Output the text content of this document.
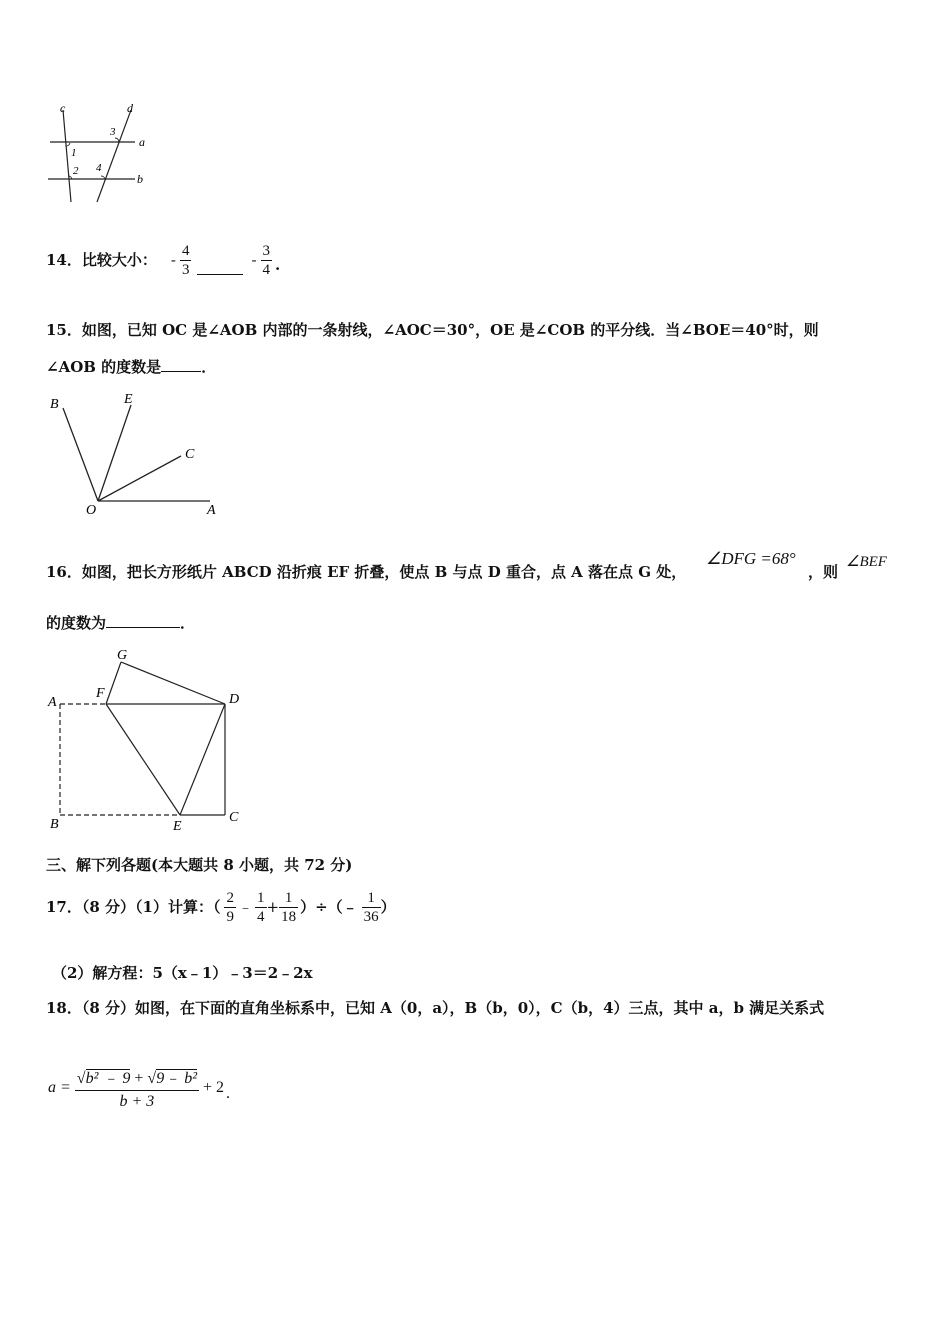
c	d
a
b
1
2
3
4
14． 比较大小： - $\frac{4}{3}$	- $\frac{3}{4}$ .
15．如图，已知 OC 是∠AOB 内部的一条射线，∠AOC＝30°，OE 是∠COB 的平分线．当∠BOE＝40°时，则
∠AOB 的度数是	．
B	E
C
O	A
16．如图，把长方形纸片 ABCD 沿折痕 EF 折叠，使点 B 与点 D 重合，点 A 落在点 G 处，
∠DFG =68°
，则
∠BEF
的度数为	．
G
A
F	D
B	E
C
三、解下列各题(本大题共 8 小题，共 72 分)
17．（8 分）（1）计算：（ $\frac{2}{9}$ ﹣ $\frac{1}{4} + \frac{1}{18}$ ）÷（﹣ $\frac{1}{36}$ ）
（2）解方程：5（x﹣1）﹣3＝2﹣2x
18．（8 分）如图，在下面的直角坐标系中，已知 A（0，a），B（b，0），C（b，4）三点，其中 a，b 满足关系式
$a = \frac{\text{√b² ﹣ 9 + √9﹣ b²}}{b + 3} + 2$ .
